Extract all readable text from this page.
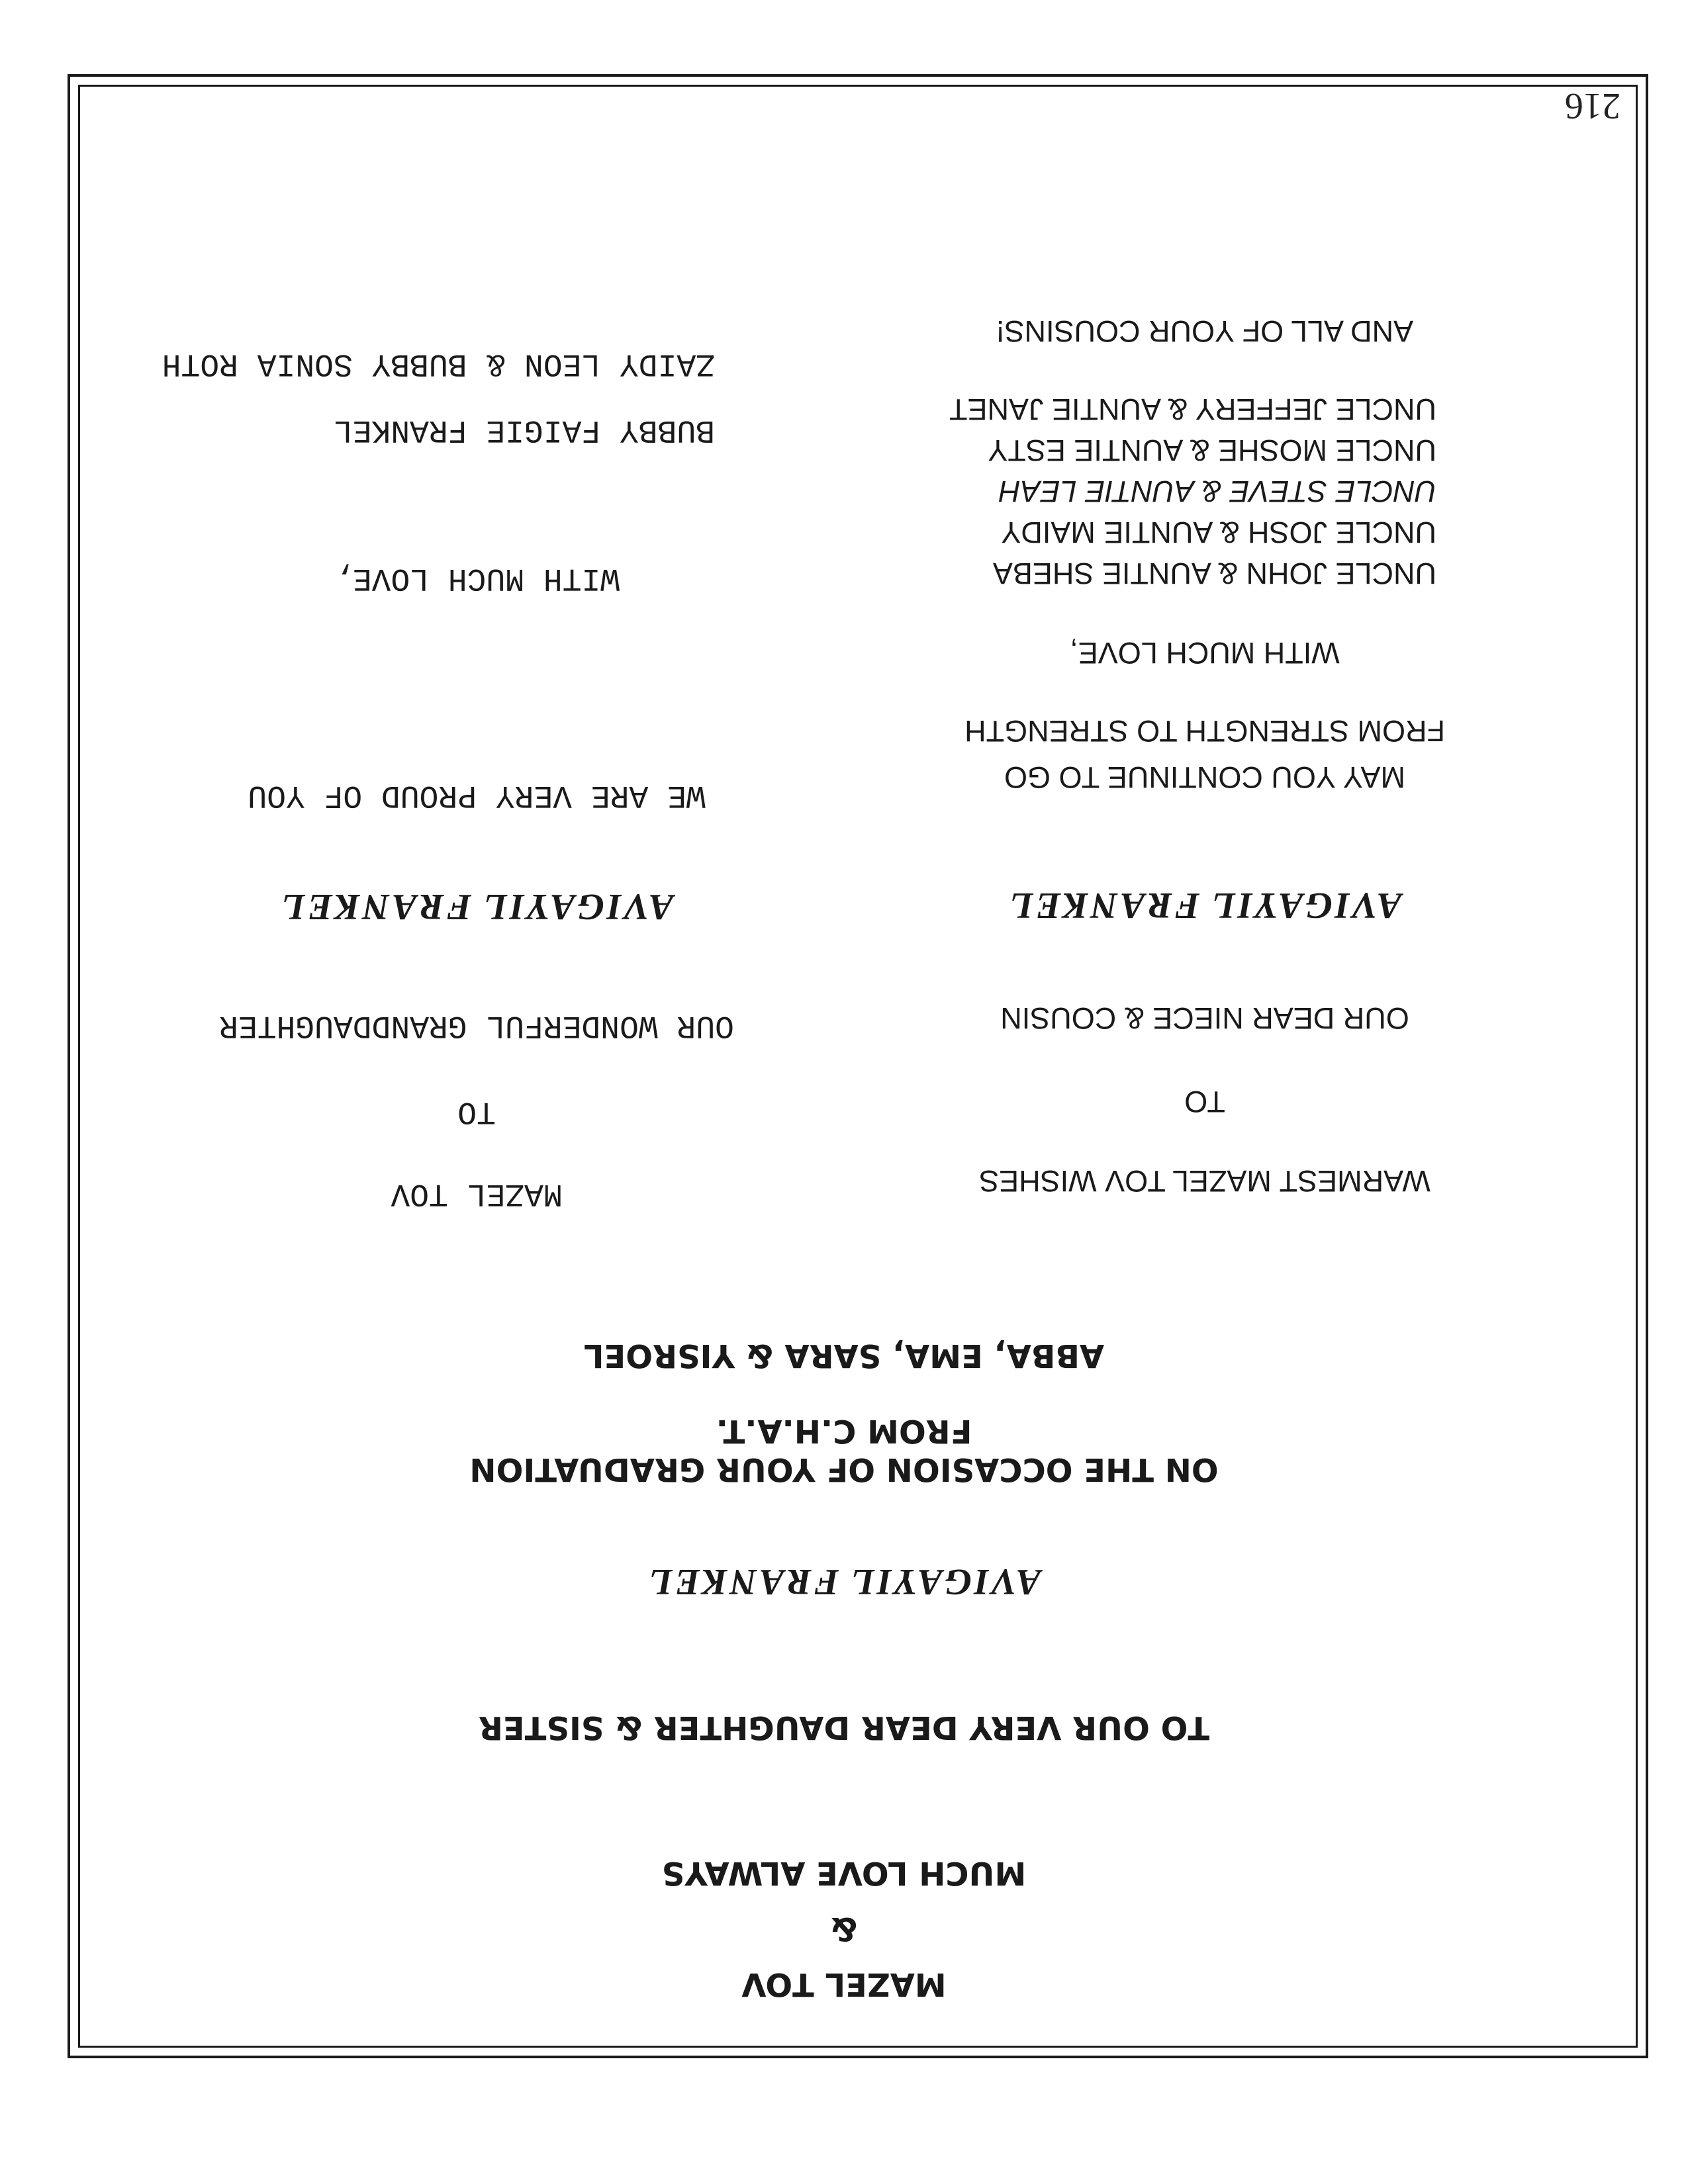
216
MAZEL TOV
&
MUCH LOVE ALWAYS
TO OUR VERY DEAR DAUGHTER & SISTER
AVIGAYIL FRANKEL
ON THE OCCASION OF YOUR GRADUATION
FROM C.H.A.T.
ABBA, EMA, SARA & YISROEL
MAZEL TOV
TO
OUR WONDERFUL GRANDDAUGHTER
AVIGAYIL FRANKEL
WE ARE VERY PROUD OF YOU
WITH MUCH LOVE,
BUBBY FAIGIE FRANKEL
ZAIDY LEON & BUBBY SONIA ROTH
WARMEST MAZEL TOV WISHES
TO
OUR DEAR NIECE & COUSIN
AVIGAYIL FRANKEL
MAY YOU CONTINUE TO GO
FROM STRENGTH TO STRENGTH
WITH MUCH LOVE,
UNCLE JOHN & AUNTIE SHEBA
UNCLE JOSH & AUNTIE MAIDY
UNCLE STEVE & AUNTIE LEAH
UNCLE MOSHE & AUNTIE ESTY
UNCLE JEFFERY & AUNTIE JANET
AND ALL OF YOUR COUSINS!
